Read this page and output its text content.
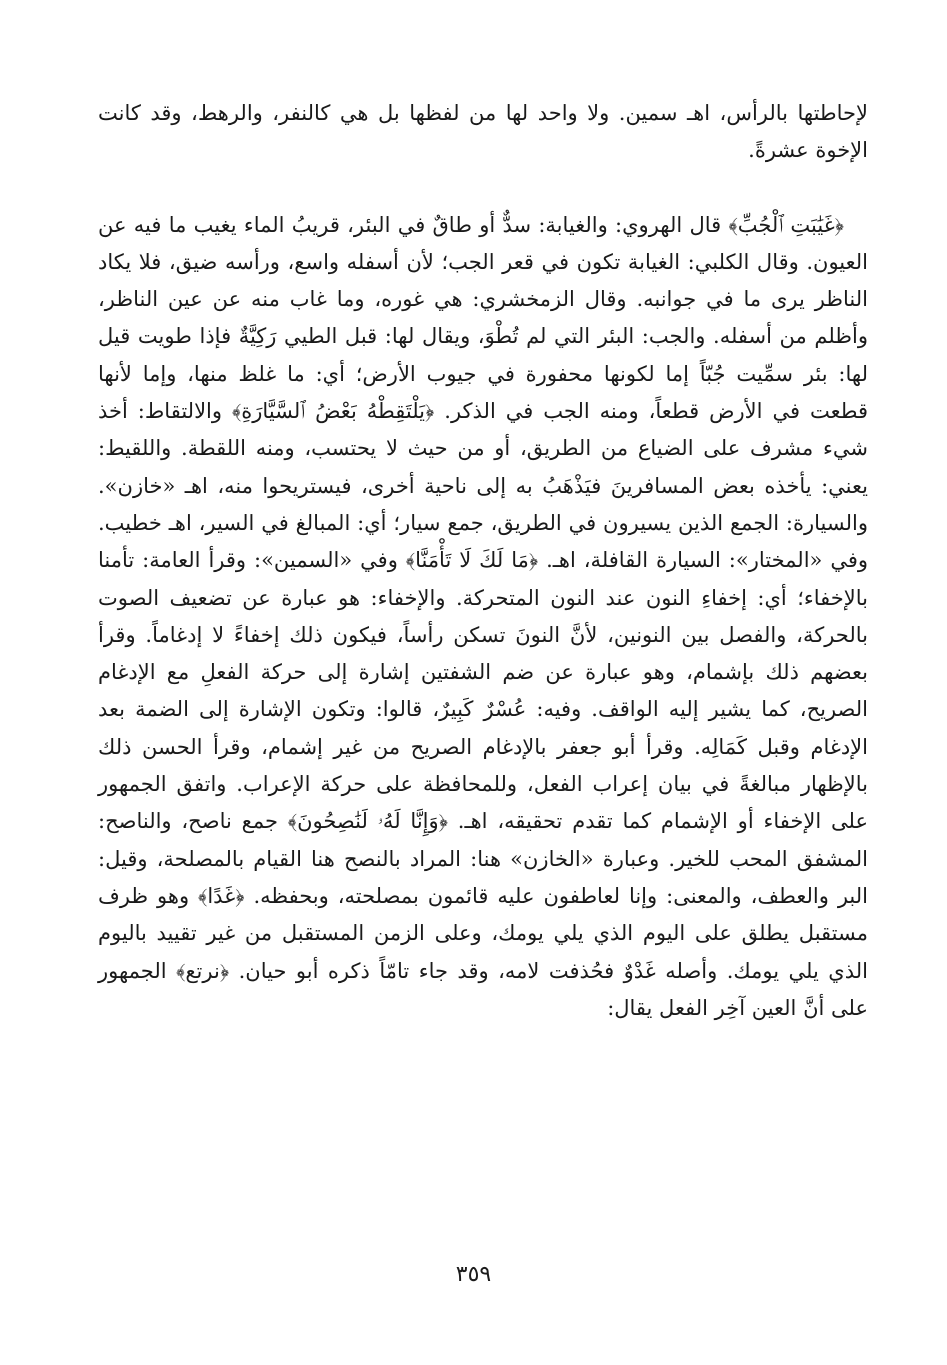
لإحاطتها بالرأس، اهـ سمين. ولا واحد لها من لفظها بل هي كالنفر، والرهط، وقد كانت الإخوة عشرةً.

﴿غَيَٰبَتِ ٱلْجُبِّ﴾ قال الهروي: والغيابة: سدٌّ أو طاقٌ في البئر، قريبُ الماء يغيب ما فيه عن العيون. وقال الكلبي: الغيابة تكون في قعر الجب؛ لأن أسفله واسع، ورأسه ضيق، فلا يكاد الناظر يرى ما في جوانبه. وقال الزمخشري: هي غوره، وما غاب منه عن عين الناظر، وأظلم من أسفله. والجب: البئر التي لم تُطْوَ، ويقال لها: قبل الطيي رَكِيَّةٌ فإذا طويت قيل لها: بئر سمِّيت جُبّاً إما لكونها محفورة في جيوب الأرض؛ أي: ما غلظ منها، وإما لأنها قطعت في الأرض قطعاً، ومنه الجب في الذكر. ﴿يَلْتَقِطْهُ بَعْضُ ٱلسَّيَّارَةِ﴾ والالتقاط: أخذ شيء مشرف على الضياع من الطريق، أو من حيث لا يحتسب، ومنه اللقطة. واللقيط: يعني: يأخذه بعض المسافرينَ فيَذْهَبُ به إلى ناحية أخرى، فيستريحوا منه، اهـ «خازن». والسيارة: الجمع الذين يسيرون في الطريق، جمع سيار؛ أي: المبالغ في السير، اهـ خطيب. وفي «المختار»: السيارة القافلة، اهـ. ﴿مَا لَكَ لَا تَأْمَنَّا﴾ وفي «السمين»: وقرأ العامة: تأمنا بالإخفاء؛ أي: إخفاءِ النون عند النون المتحركة. والإخفاء: هو عبارة عن تضعيف الصوت بالحركة، والفصل بين النونين، لأنَّ النونَ تسكن رأساً، فيكون ذلك إخفاءً لا إدغاماً. وقرأ بعضهم ذلك بإشمام، وهو عبارة عن ضم الشفتين إشارة إلى حركة الفعلِ مع الإدغام الصريح، كما يشير إليه الواقف. وفيه: عُسْرٌ كَبِيرٌ، قالوا: وتكون الإشارة إلى الضمة بعد الإدغام وقبل كَمَالِه. وقرأ أبو جعفر بالإدغام الصريح من غير إشمام، وقرأ الحسن ذلك بالإظهار مبالغةً في بيان إعراب الفعل، وللمحافظة على حركة الإعراب. واتفق الجمهور على الإخفاء أو الإشمام كما تقدم تحقيقه، اهـ. ﴿وَإِنَّا لَهُۥ لَنَٰصِحُونَ﴾ جمع ناصح، والناصح: المشفق المحب للخير. وعبارة «الخازن» هنا: المراد بالنصح هنا القيام بالمصلحة، وقيل: البر والعطف، والمعنى: وإنا لعاطفون عليه قائمون بمصلحته، وبحفظه. ﴿غَدًا﴾ وهو ظرف مستقبل يطلق على اليوم الذي يلي يومك، وعلى الزمن المستقبل من غير تقييد باليوم الذي يلي يومك. وأصله غَدْوٌ فحُذفت لامه، وقد جاء تامّاً ذكره أبو حيان. ﴿نرتع﴾ الجمهور على أنَّ العين آخِر الفعل يقال:

٣٥٩
